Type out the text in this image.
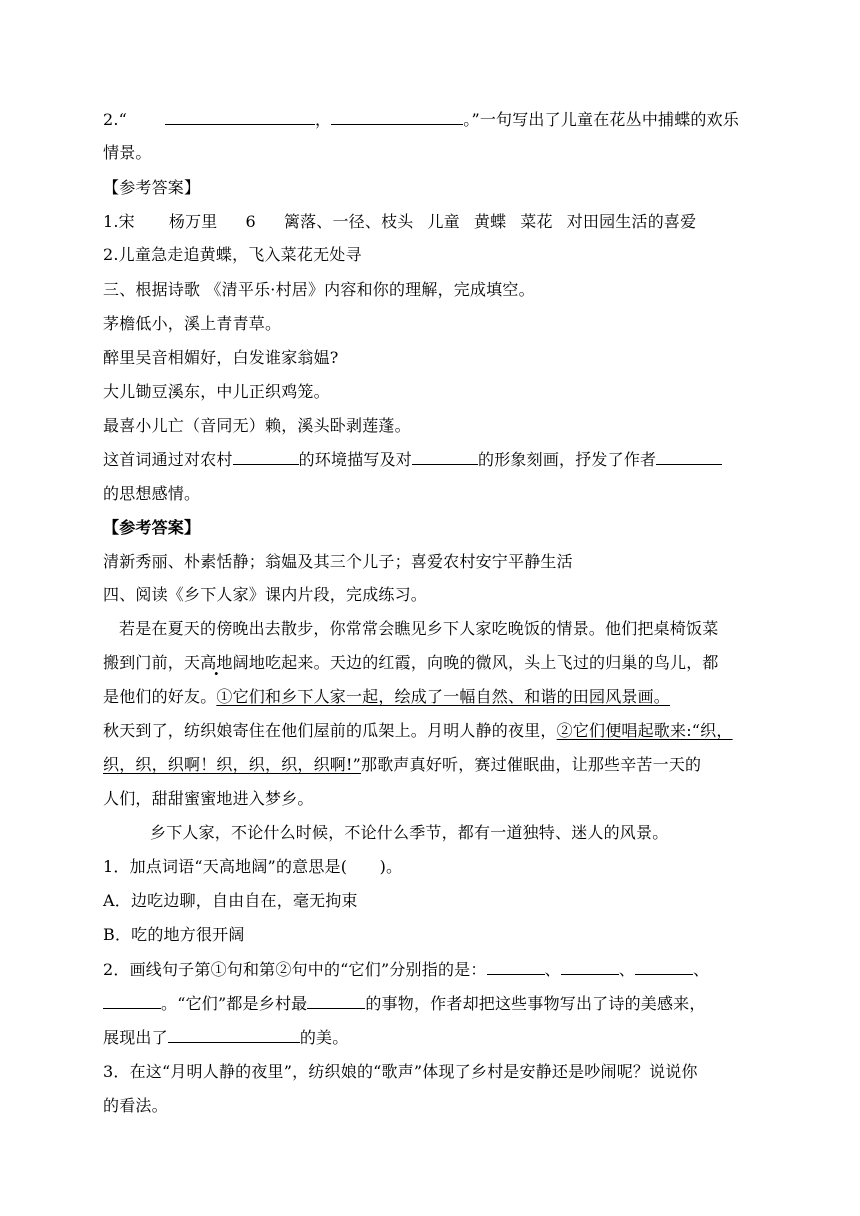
2.“	，	。”一句写出了儿童在花丛中捕蝶的欢乐
情景。
【参考答案】
1.宋 杨万里 6 篱落、一径、枝头 儿童 黄蝶 菜花 对田园生活的喜爱
2.儿童急走追黄蝶，飞入菜花无处寻
三、根据诗歌 《清平乐·村居》内容和你的理解，完成填空。
茅檐低小，溪上青青草。
醉里吴音相媚好，白发谁家翁媪?
大儿锄豆溪东，中儿正织鸡笼。
最喜小儿亡（音同无）赖，溪头卧剥莲蓬。
这首词通过对农村	的环境描写及对	的形象刻画，抒发了作者
的思想感情。
【参考答案】
清新秀丽、朴素恬静；翁媪及其三个儿子；喜爱农村安宁平静生活
四、阅读《乡下人家》课内片段，完成练习。
若是在夏天的傍晚出去散步，你常常会瞧见乡下人家吃晚饭的情景。他们把桌椅饭菜
搬到门前，天高地阔地吃起来。天边的红霞，向晚的微风，头上飞过的归巢的鸟儿，都
是他们的好友。①它们和乡下人家一起，绘成了一幅自然、和谐的田园风景画。
秋天到了，纺织娘寄住在他们屋前的瓜架上。月明人静的夜里，②它们便唱起歌来:“织，
织，织，织啊！织，织，织，织啊!”那歌声真好听，赛过催眠曲，让那些辛苦一天的
人们，甜甜蜜蜜地进入梦乡。
乡下人家，不论什么时候，不论什么季节，都有一道独特、迷人的风景。
1．加点词语“天高地阔”的意思是(　　)。
A．边吃边聊，自由自在，毫无拘束
B．吃的地方很开阔
2．画线句子第①句和第②句中的“它们”分别指的是：	、	、	、
。“它们”都是乡村最	的事物，作者却把这些事物写出了诗的美感来，
展现出了	的美。
3．在这“月明人静的夜里”，纺织娘的“歌声”体现了乡村是安静还是吵闹呢？说说你
的看法。
